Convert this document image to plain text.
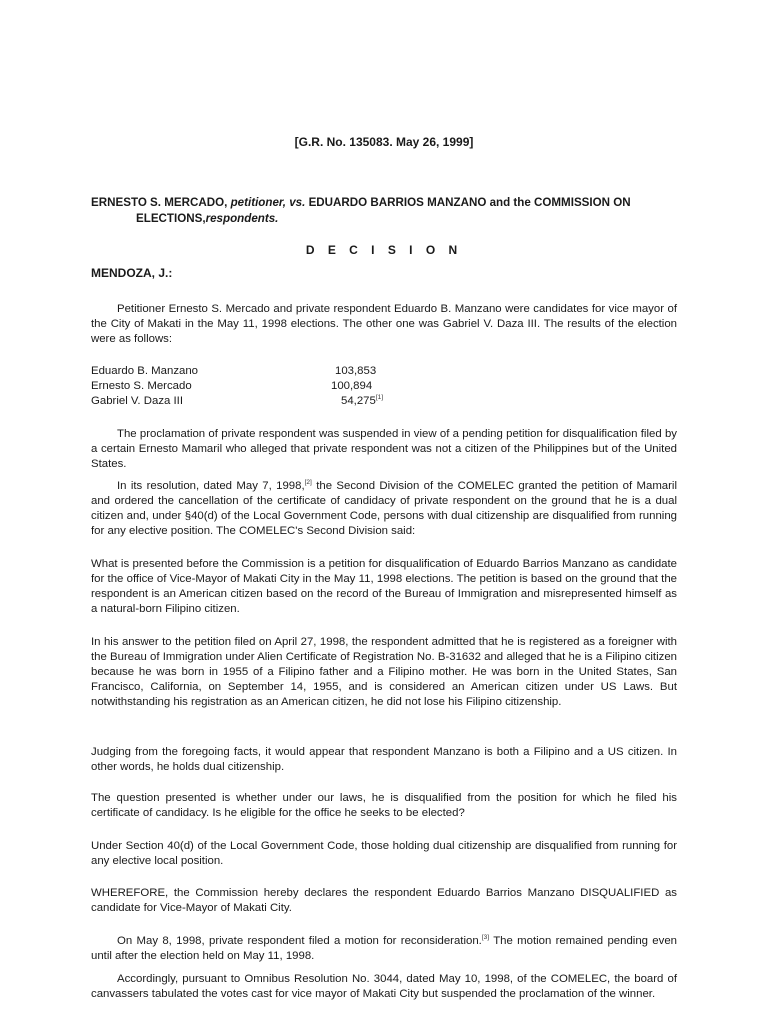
[G.R. No. 135083. May 26, 1999]
ERNESTO S. MERCADO, petitioner, vs. EDUARDO BARRIOS MANZANO and the COMMISSION ON
ELECTIONS,respondents.
D E C I S I O N
MENDOZA, J.:
Petitioner Ernesto S. Mercado and private respondent Eduardo B. Manzano were candidates for vice mayor of the City of Makati in the May 11, 1998 elections. The other one was Gabriel V. Daza III. The results of the election were as follows:
Eduardo B. Manzano	103,853
Ernesto S. Mercado	100,894
Gabriel V. Daza III	54,275[1]
The proclamation of private respondent was suspended in view of a pending petition for disqualification filed by a certain Ernesto Mamaril who alleged that private respondent was not a citizen of the Philippines but of the United States.
In its resolution, dated May 7, 1998,[2] the Second Division of the COMELEC granted the petition of Mamaril and ordered the cancellation of the certificate of candidacy of private respondent on the ground that he is a dual citizen and, under §40(d) of the Local Government Code, persons with dual citizenship are disqualified from running for any elective position. The COMELEC's Second Division said:
What is presented before the Commission is a petition for disqualification of Eduardo Barrios Manzano as candidate for the office of Vice-Mayor of Makati City in the May 11, 1998 elections. The petition is based on the ground that the respondent is an American citizen based on the record of the Bureau of Immigration and misrepresented himself as a natural-born Filipino citizen.
In his answer to the petition filed on April 27, 1998, the respondent admitted that he is registered as a foreigner with the Bureau of Immigration under Alien Certificate of Registration No. B-31632 and alleged that he is a Filipino citizen because he was born in 1955 of a Filipino father and a Filipino mother. He was born in the United States, San Francisco, California, on September 14, 1955, and is considered an American citizen under US Laws. But notwithstanding his registration as an American citizen, he did not lose his Filipino citizenship.
Judging from the foregoing facts, it would appear that respondent Manzano is both a Filipino and a US citizen. In other words, he holds dual citizenship.
The question presented is whether under our laws, he is disqualified from the position for which he filed his certificate of candidacy. Is he eligible for the office he seeks to be elected?
Under Section 40(d) of the Local Government Code, those holding dual citizenship are disqualified from running for any elective local position.
WHEREFORE, the Commission hereby declares the respondent Eduardo Barrios Manzano DISQUALIFIED as candidate for Vice-Mayor of Makati City.
On May 8, 1998, private respondent filed a motion for reconsideration.[3] The motion remained pending even until after the election held on May 11, 1998.
Accordingly, pursuant to Omnibus Resolution No. 3044, dated May 10, 1998, of the COMELEC, the board of canvassers tabulated the votes cast for vice mayor of Makati City but suspended the proclamation of the winner.
